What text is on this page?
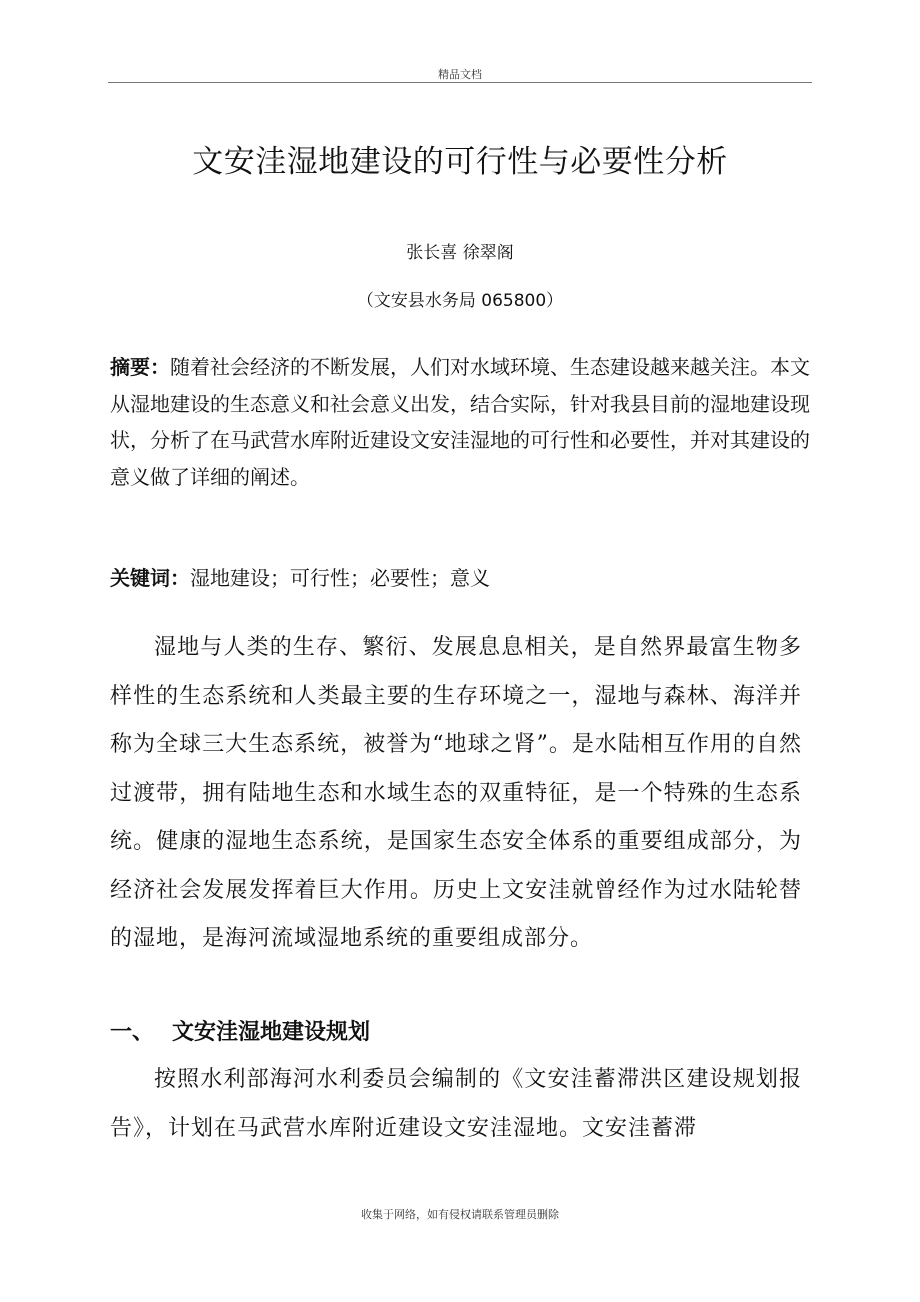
精品文档
文安洼湿地建设的可行性与必要性分析
张长喜 徐翠阁
（文安县水务局 065800）

摘要：随着社会经济的不断发展，人们对水域环境、生态建设越来越关注。本文从湿地建设的生态意义和社会意义出发，结合实际，针对我县目前的湿地建设现状，分析了在马武营水库附近建设文安洼湿地的可行性和必要性，并对其建设的意义做了详细的阐述。

关键词：湿地建设；可行性；必要性；意义

湿地与人类的生存、繁衍、发展息息相关，是自然界最富生物多样性的生态系统和人类最主要的生存环境之一，湿地与森林、海洋并称为全球三大生态系统，被誉为“地球之肾”。是水陆相互作用的自然过渡带，拥有陆地生态和水域生态的双重特征，是一个特殊的生态系统。健康的湿地生态系统，是国家生态安全体系的重要组成部分，为经济社会发展发挥着巨大作用。历史上文安洼就曾经作为过水陆轮替的湿地，是海河流域湿地系统的重要组成部分。

一、 文安洼湿地建设规划

按照水利部海河水利委员会编制的《文安洼蓄滞洪区建设规划报告》，计划在马武营水库附近建设文安洼湿地。文安洼蓄滞

收集于网络，如有侵权请联系管理员删除
